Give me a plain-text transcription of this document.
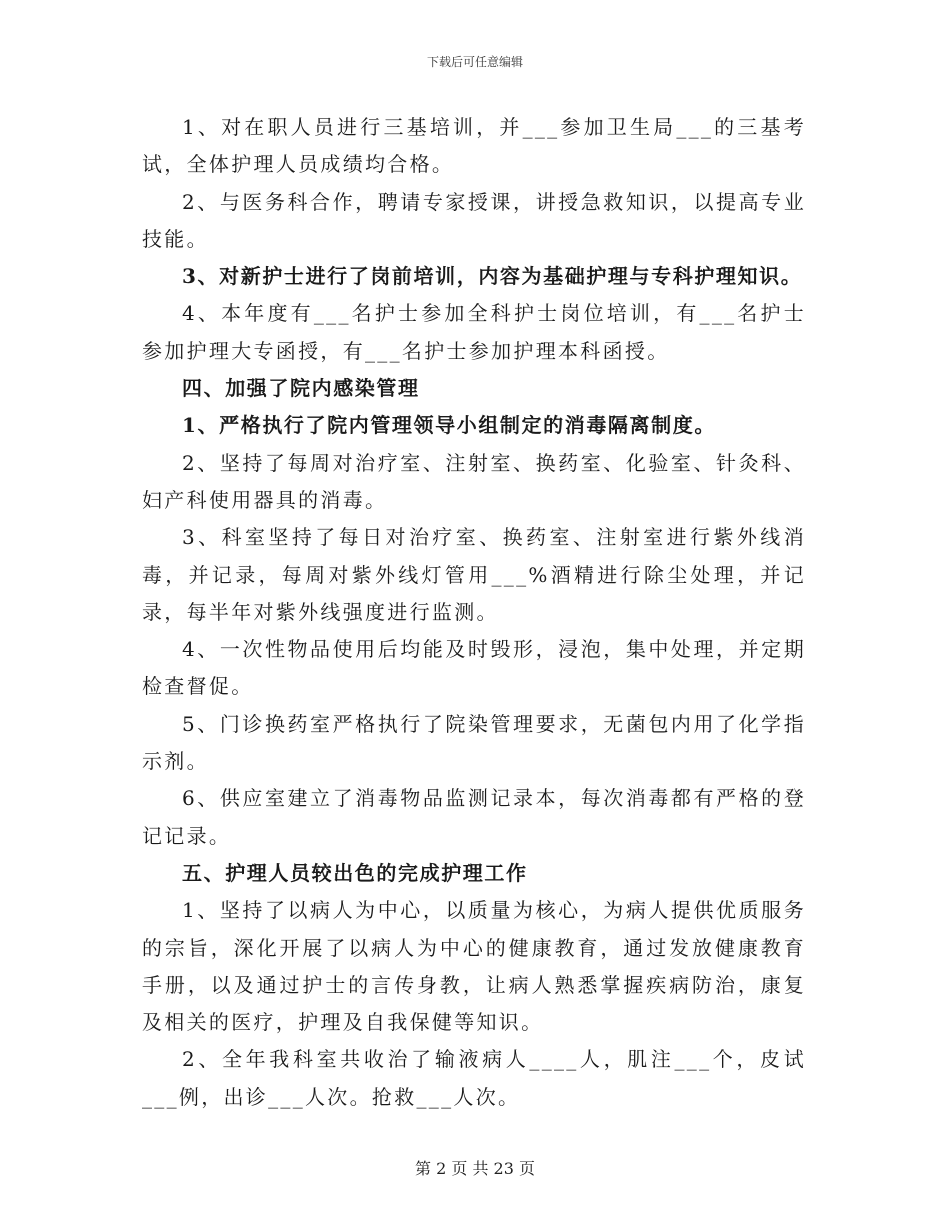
下载后可任意编辑

1、对在职人员进行三基培训，并___参加卫生局___的三基考试，全体护理人员成绩均合格。

2、与医务科合作，聘请专家授课，讲授急救知识，以提高专业技能。

3、对新护士进行了岗前培训，内容为基础护理与专科护理知识。

4、本年度有___名护士参加全科护士岗位培训，有___名护士参加护理大专函授，有___名护士参加护理本科函授。

四、加强了院内感染管理

1、严格执行了院内管理领导小组制定的消毒隔离制度。

2、坚持了每周对治疗室、注射室、换药室、化验室、针灸科、妇产科使用器具的消毒。

3、科室坚持了每日对治疗室、换药室、注射室进行紫外线消毒，并记录，每周对紫外线灯管用___%酒精进行除尘处理，并记录，每半年对紫外线强度进行监测。

4、一次性物品使用后均能及时毁形，浸泡，集中处理，并定期检查督促。

5、门诊换药室严格执行了院染管理要求，无菌包内用了化学指示剂。

6、供应室建立了消毒物品监测记录本，每次消毒都有严格的登记记录。

五、护理人员较出色的完成护理工作

1、坚持了以病人为中心，以质量为核心，为病人提供优质服务的宗旨，深化开展了以病人为中心的健康教育，通过发放健康教育手册，以及通过护士的言传身教，让病人熟悉掌握疾病防治，康复及相关的医疗，护理及自我保健等知识。

2、全年我科室共收治了输液病人____人，肌注___个，皮试___例，出诊___人次。抢救___人次。

第 2 页 共 23 页
